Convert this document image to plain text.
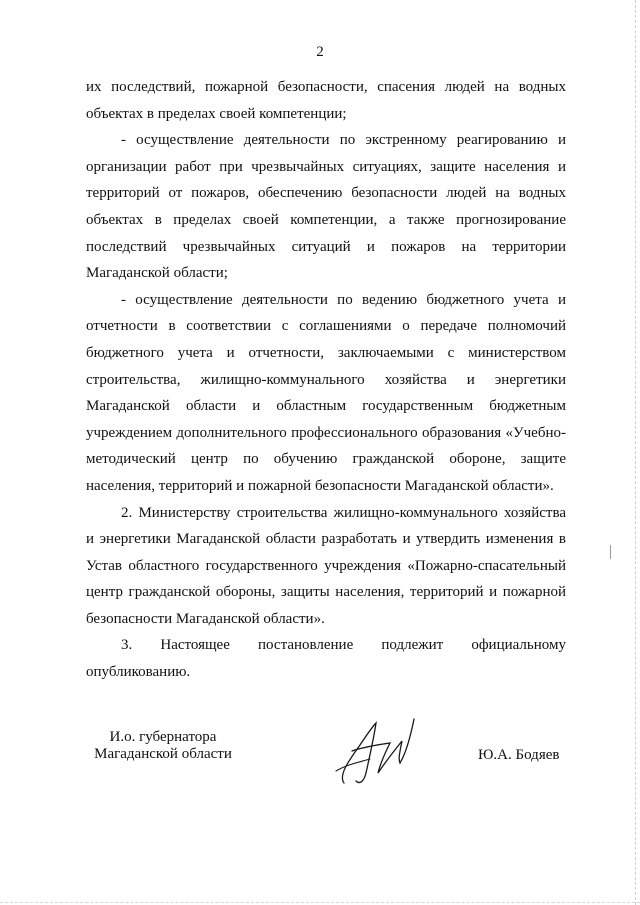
2

их последствий, пожарной безопасности, спасения людей на водных объектах в пределах своей компетенции;

- осуществление деятельности по экстренному реагированию и организации работ при чрезвычайных ситуациях, защите населения и территорий от пожаров, обеспечению безопасности людей на водных объектах в пределах своей компетенции, а также прогнозирование последствий чрезвычайных ситуаций и пожаров на территории Магаданской области;

- осуществление деятельности по ведению бюджетного учета и отчетности в соответствии с соглашениями о передаче полномочий бюджетного учета и отчетности, заключаемыми с министерством строительства, жилищно-коммунального хозяйства и энергетики Магаданской области и областным государственным бюджетным учреждением дополнительного профессионального образования «Учебно-методический центр по обучению гражданской обороне, защите населения, территорий и пожарной безопасности Магаданской области».

2. Министерству строительства жилищно-коммунального хозяйства и энергетики Магаданской области разработать и утвердить изменения в Устав областного государственного учреждения «Пожарно-спасательный центр гражданской обороны, защиты населения, территорий и пожарной безопасности Магаданской области».

3. Настоящее постановление подлежит официальному опубликованию.

И.о. губернатора
Магаданской области	Ю.А. Бодяев
